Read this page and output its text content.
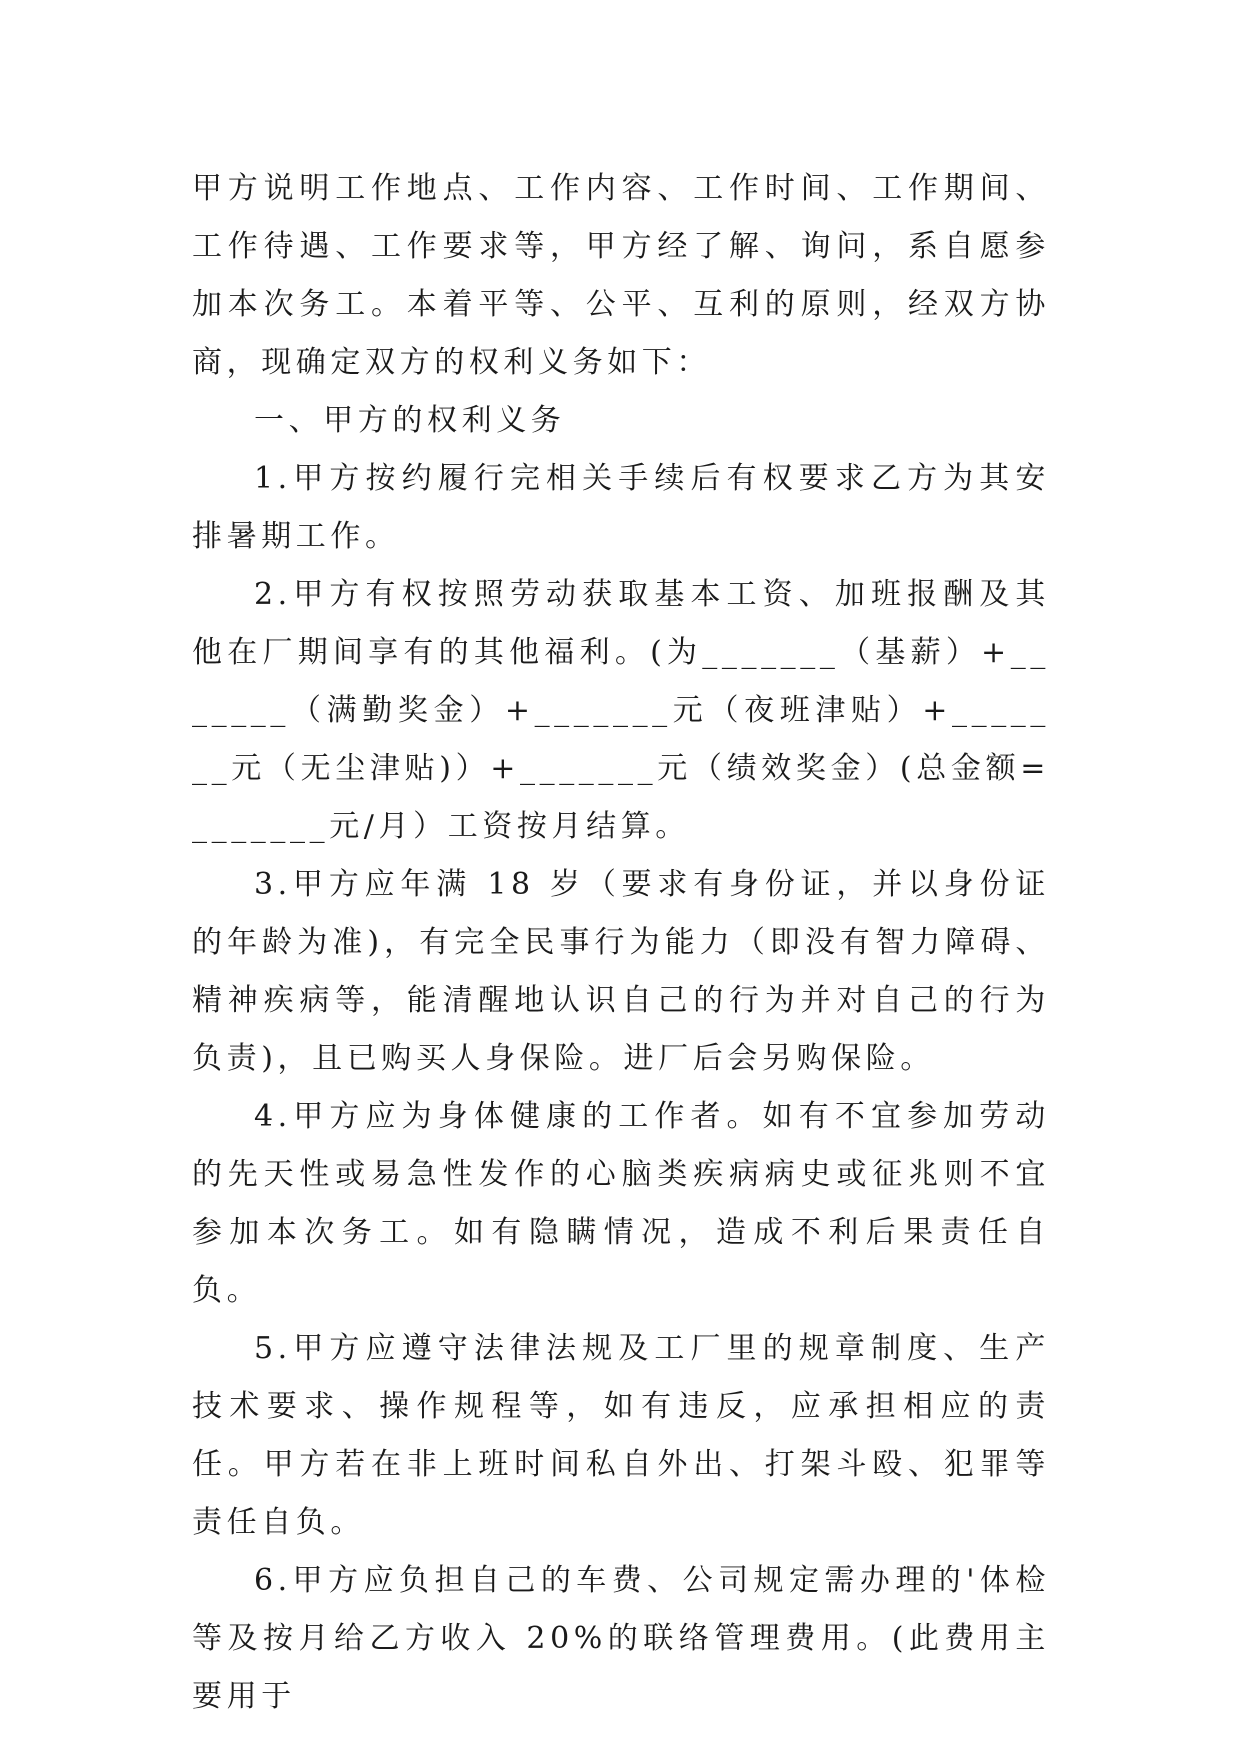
甲方说明工作地点、工作内容、工作时间、工作期间、工作待遇、工作要求等，甲方经了解、询问，系自愿参加本次务工。本着平等、公平、互利的原则，经双方协商，现确定双方的权利义务如下：

一、甲方的权利义务

1.甲方按约履行完相关手续后有权要求乙方为其安排暑期工作。

2.甲方有权按照劳动获取基本工资、加班报酬及其他在厂期间享有的其他福利。(为_______（基薪）+_______（满勤奖金）+_______元（夜班津贴）+_______元（无尘津贴)）+_______元（绩效奖金）(总金额=_______元/月）工资按月结算。

3.甲方应年满 18 岁（要求有身份证，并以身份证的年龄为准)，有完全民事行为能力（即没有智力障碍、精神疾病等，能清醒地认识自己的行为并对自己的行为负责)，且已购买人身保险。进厂后会另购保险。

4.甲方应为身体健康的工作者。如有不宜参加劳动的先天性或易急性发作的心脑类疾病病史或征兆则不宜参加本次务工。如有隐瞒情况，造成不利后果责任自负。

5.甲方应遵守法律法规及工厂里的规章制度、生产技术要求、操作规程等，如有违反，应承担相应的责任。甲方若在非上班时间私自外出、打架斗殴、犯罪等责任自负。

6.甲方应负担自己的车费、公司规定需办理的'体检等及按月给乙方收入 20%的联络管理费用。(此费用主要用于
